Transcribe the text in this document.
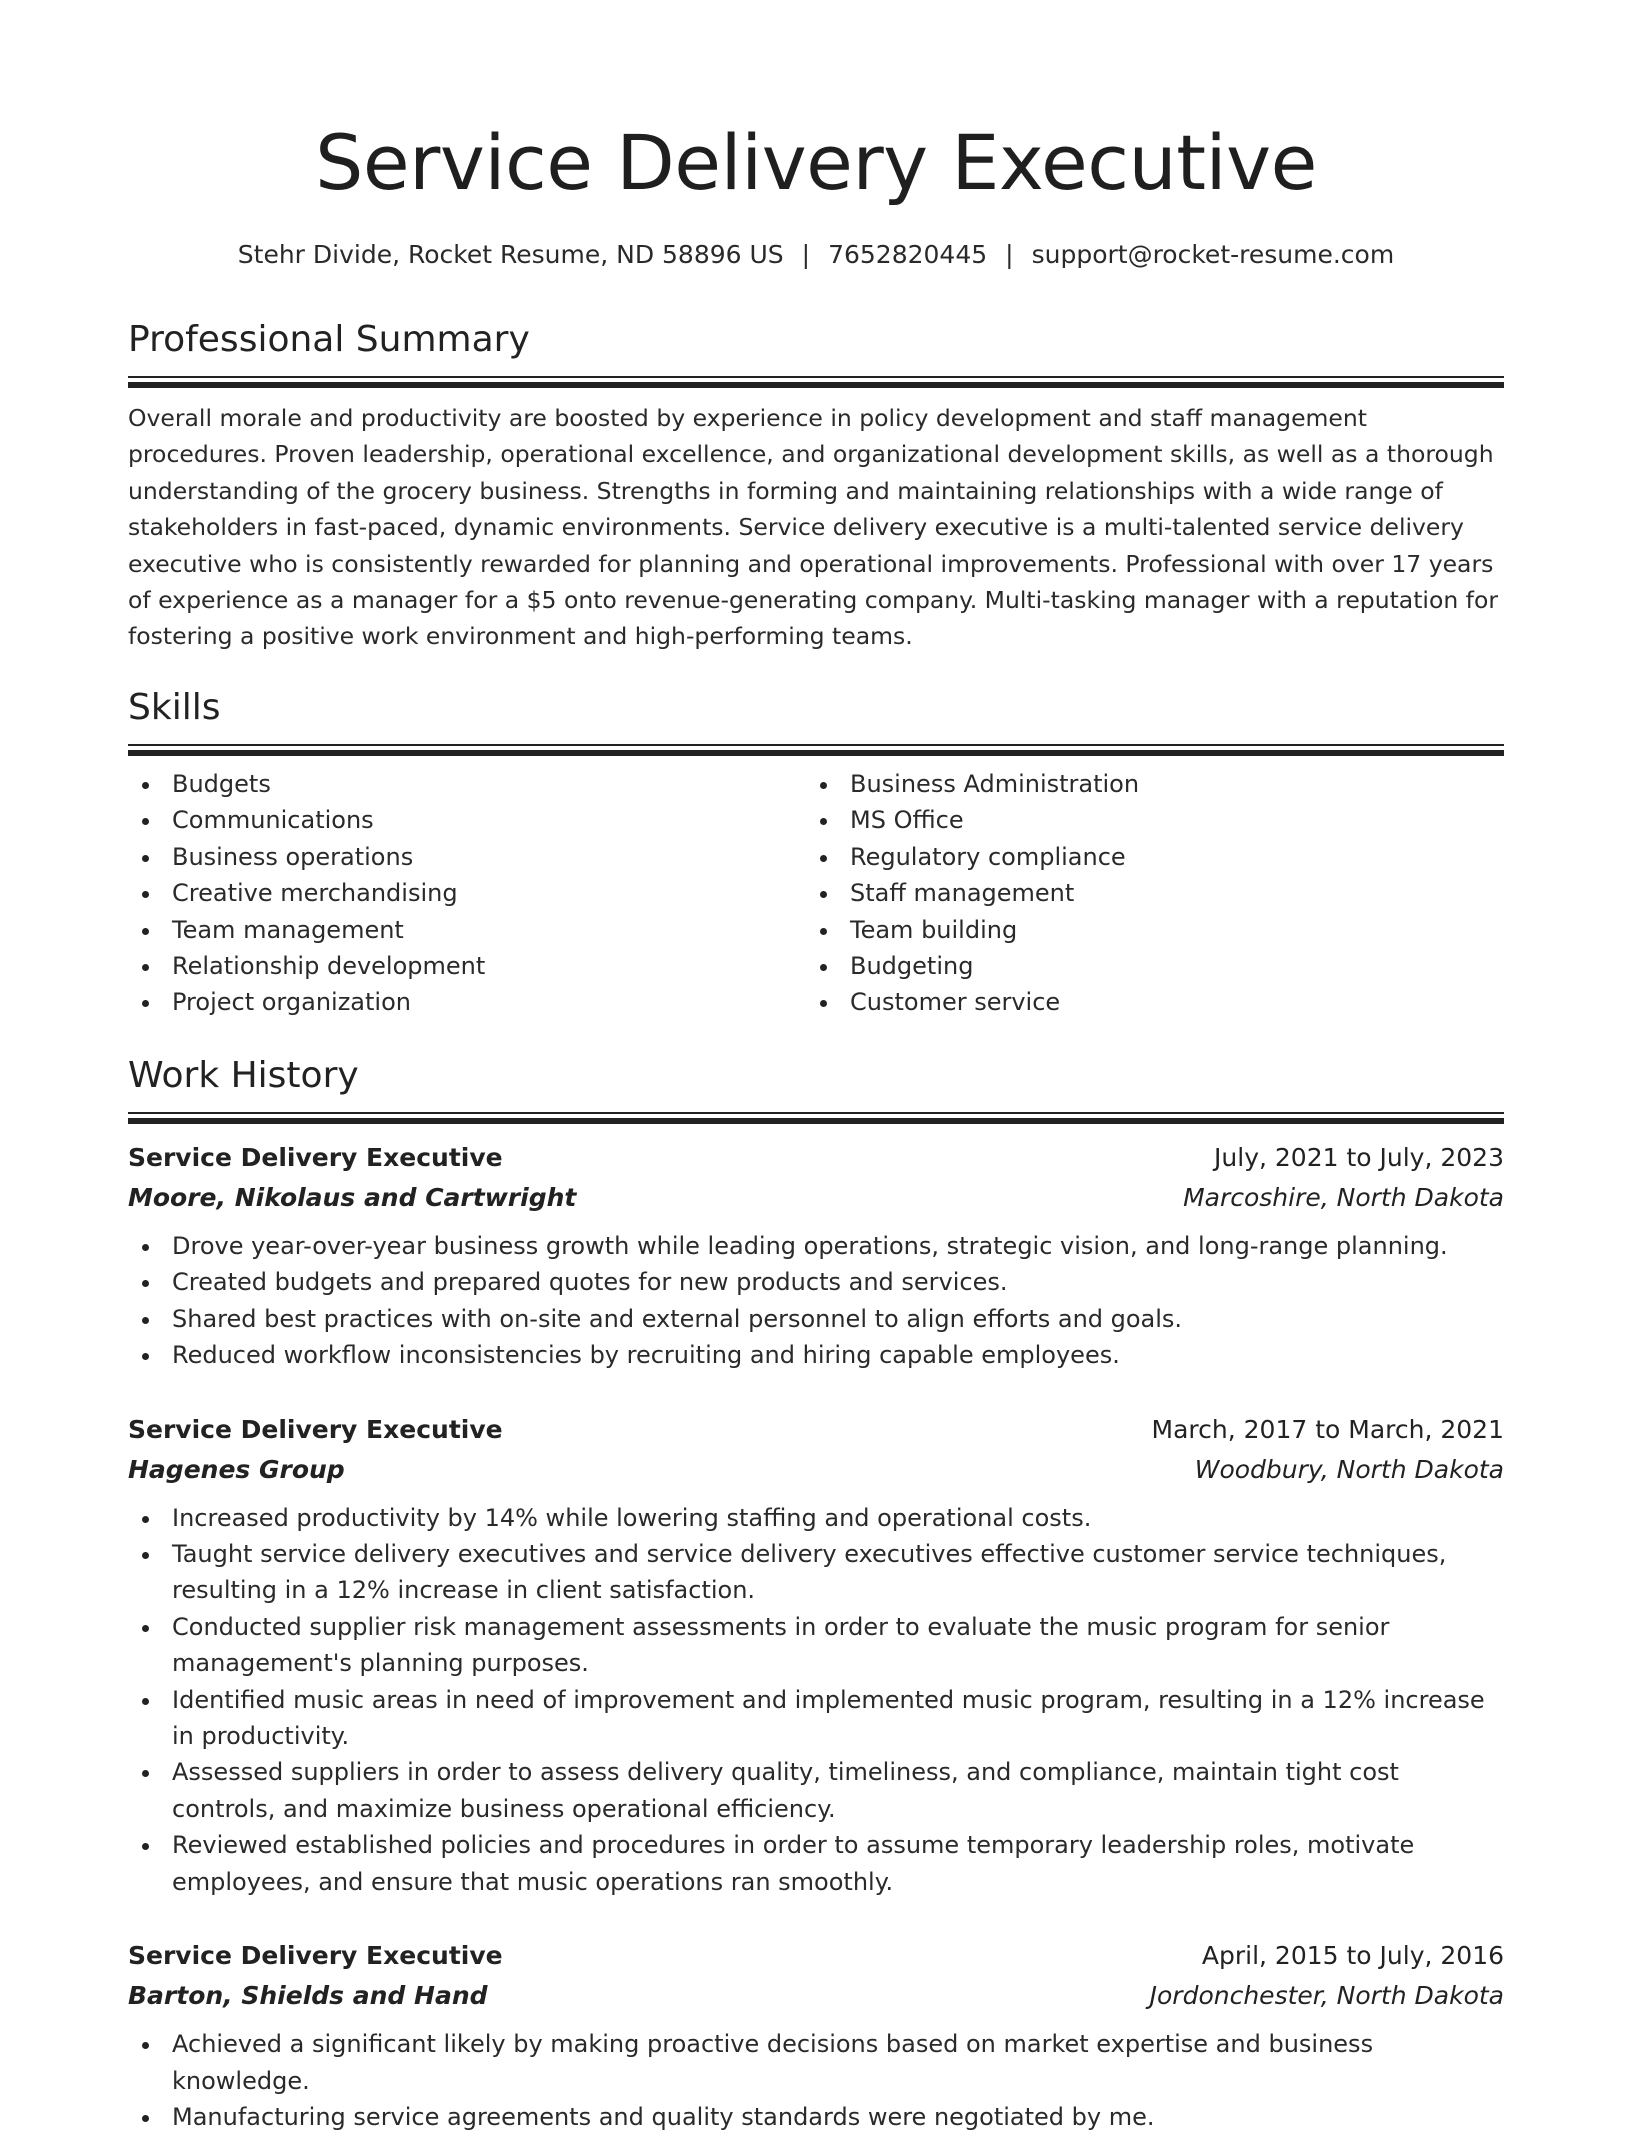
Service Delivery Executive
Stehr Divide, Rocket Resume, ND 58896 US | 7652820445 | support@rocket-resume.com
Professional Summary

Overall morale and productivity are boosted by experience in policy development and staff management procedures. Proven leadership, operational excellence, and organizational development skills, as well as a thorough understanding of the grocery business. Strengths in forming and maintaining relationships with a wide range of stakeholders in fast-paced, dynamic environments. Service delivery executive is a multi-talented service delivery executive who is consistently rewarded for planning and operational improvements. Professional with over 17 years of experience as a manager for a $5 onto revenue-generating company. Multi-tasking manager with a reputation for fostering a positive work environment and high-performing teams.

Skills
Budgets
Communications
Business operations
Creative merchandising
Team management
Relationship development
Project organization
Business Administration
MS Office
Regulatory compliance
Staff management
Team building
Budgeting
Customer service
Work History
Service Delivery Executive	July, 2021 to July, 2023
Moore, Nikolaus and Cartwright	Marcoshire, North Dakota
Drove year-over-year business growth while leading operations, strategic vision, and long-range planning.
Created budgets and prepared quotes for new products and services.
Shared best practices with on-site and external personnel to align efforts and goals.
Reduced workflow inconsistencies by recruiting and hiring capable employees.
Service Delivery Executive	March, 2017 to March, 2021
Hagenes Group	Woodbury, North Dakota
Increased productivity by 14% while lowering staffing and operational costs.
Taught service delivery executives and service delivery executives effective customer service techniques, resulting in a 12% increase in client satisfaction.
Conducted supplier risk management assessments in order to evaluate the music program for senior management's planning purposes.
Identified music areas in need of improvement and implemented music program, resulting in a 12% increase in productivity.
Assessed suppliers in order to assess delivery quality, timeliness, and compliance, maintain tight cost controls, and maximize business operational efficiency.
Reviewed established policies and procedures in order to assume temporary leadership roles, motivate employees, and ensure that music operations ran smoothly.
Service Delivery Executive	April, 2015 to July, 2016
Barton, Shields and Hand	Jordonchester, North Dakota
Achieved a significant likely by making proactive decisions based on market expertise and business knowledge.
Manufacturing service agreements and quality standards were negotiated by me.
